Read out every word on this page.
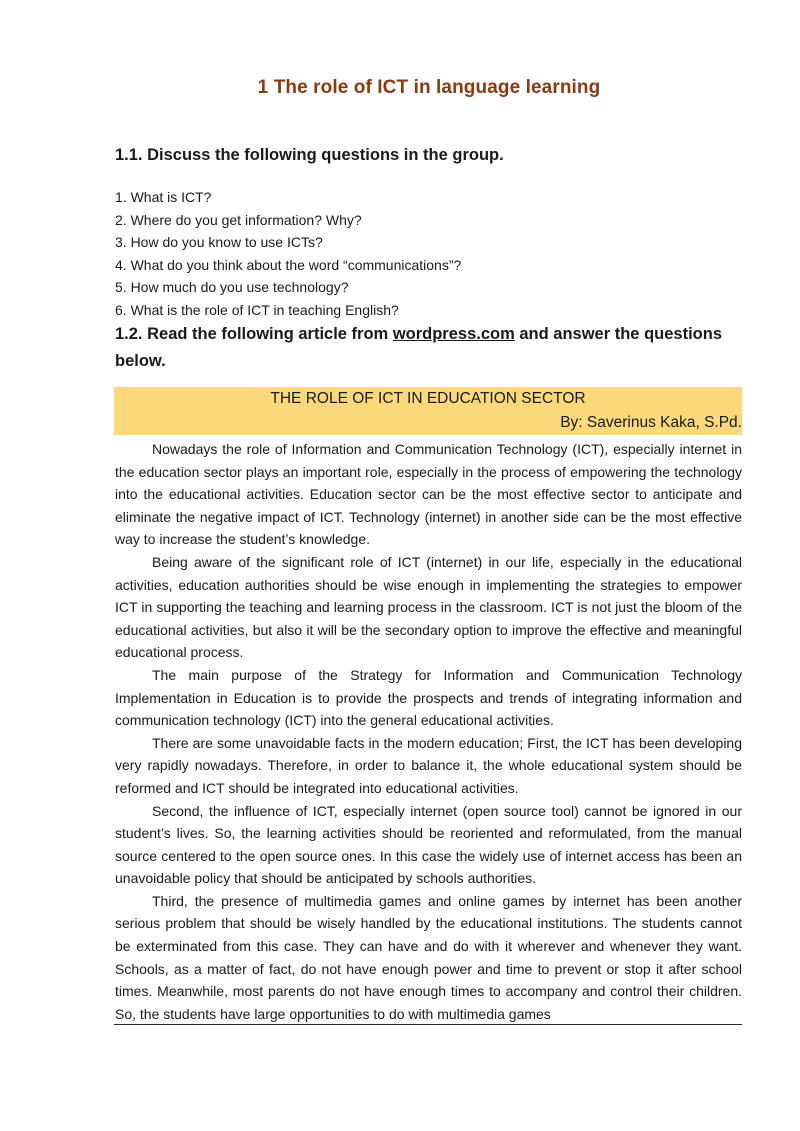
1 The role of ICT in language learning
1.1. Discuss the following questions in the group.
1. What is ICT?
2. Where do you get information? Why?
3. How do you know to use ICTs?
4. What do you think about the word “communications”?
5. How much do you use technology?
6. What is the role of ICT in teaching English?
1.2. Read the following article from wordpress.com and answer the questions below.
THE ROLE OF ICT IN EDUCATION SECTOR
By: Saverinus Kaka, S.Pd.

Nowadays the role of Information and Communication Technology (ICT), especially internet in the education sector plays an important role, especially in the process of empowering the technology into the educational activities. Education sector can be the most effective sector to anticipate and eliminate the negative impact of ICT. Technology (internet) in another side can be the most effective way to increase the student’s knowledge.

Being aware of the significant role of ICT (internet) in our life, especially in the educational activities, education authorities should be wise enough in implementing the strategies to empower ICT in supporting the teaching and learning process in the classroom. ICT is not just the bloom of the educational activities, but also it will be the secondary option to improve the effective and meaningful educational process.

The main purpose of the Strategy for Information and Communication Technology Implementation in Education is to provide the prospects and trends of integrating information and communication technology (ICT) into the general educational activities.

There are some unavoidable facts in the modern education; First, the ICT has been developing very rapidly nowadays. Therefore, in order to balance it, the whole educational system should be reformed and ICT should be integrated into educational activities.

Second, the influence of ICT, especially internet (open source tool) cannot be ignored in our student’s lives. So, the learning activities should be reoriented and reformulated, from the manual source centered to the open source ones. In this case the widely use of internet access has been an unavoidable policy that should be anticipated by schools authorities.

Third, the presence of multimedia games and online games by internet has been another serious problem that should be wisely handled by the educational institutions. The students cannot be exterminated from this case. They can have and do with it wherever and whenever they want. Schools, as a matter of fact, do not have enough power and time to prevent or stop it after school times. Meanwhile, most parents do not have enough times to accompany and control their children. So, the students have large opportunities to do with multimedia games
